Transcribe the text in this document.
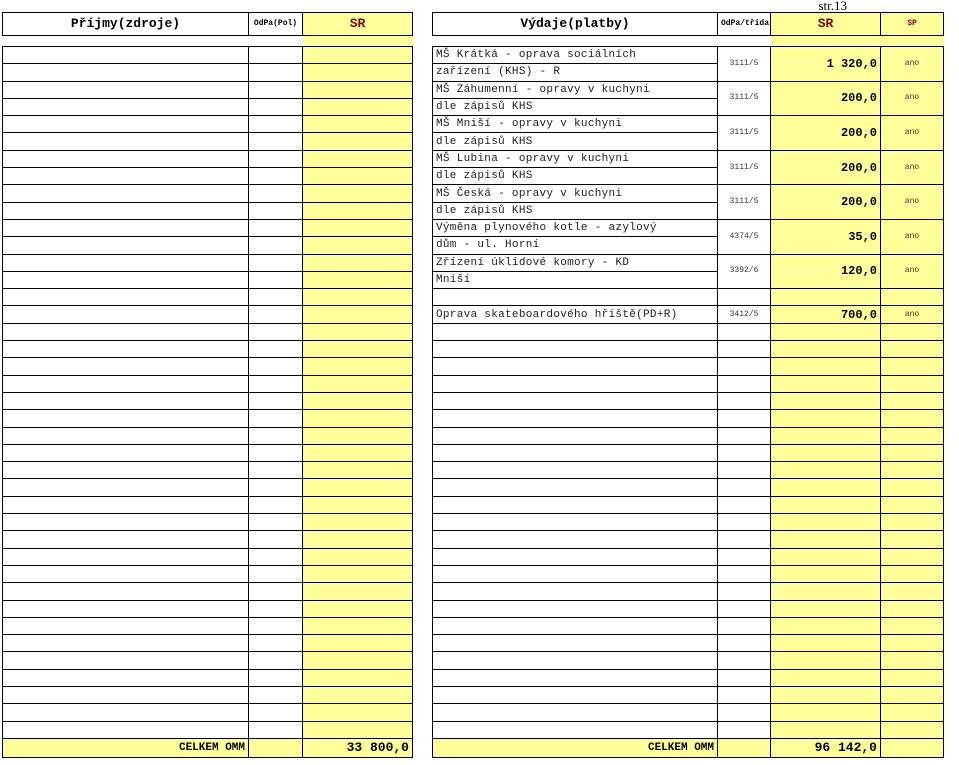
str.13
Příjmy(zdroje)	OdPa(Pol)	SR

CELKEM OMM		33 800,0
Výdaje(platby)	OdPa/třída	SR	SP

MŠ Krátká - oprava sociálních	3111/5	1 320,0	ano
zařízení (KHS) - R			
MŠ Záhumenní - opravy v kuchyni	3111/5	200,0	ano
dle zápisů KHS			
MŠ Mniší - opravy v kuchyni	3111/5	200,0	ano
dle zápisů KHS			
MŠ Lubina - opravy v kuchyni	3111/5	200,0	ano
dle zápisů KHS			
MŠ Česká - opravy v kuchyni	3111/5	200,0	ano
dle zápisů KHS			
Výměna plynového kotle - azylový	4374/5	35,0	ano
dům - ul. Horní			
Zřízení úklidové komory - KD	3392/6	120,0	ano
Mniší			

Oprava skateboardového hřiště(PD+R)	3412/5	700,0	ano

CELKEM OMM		96 142,0	
